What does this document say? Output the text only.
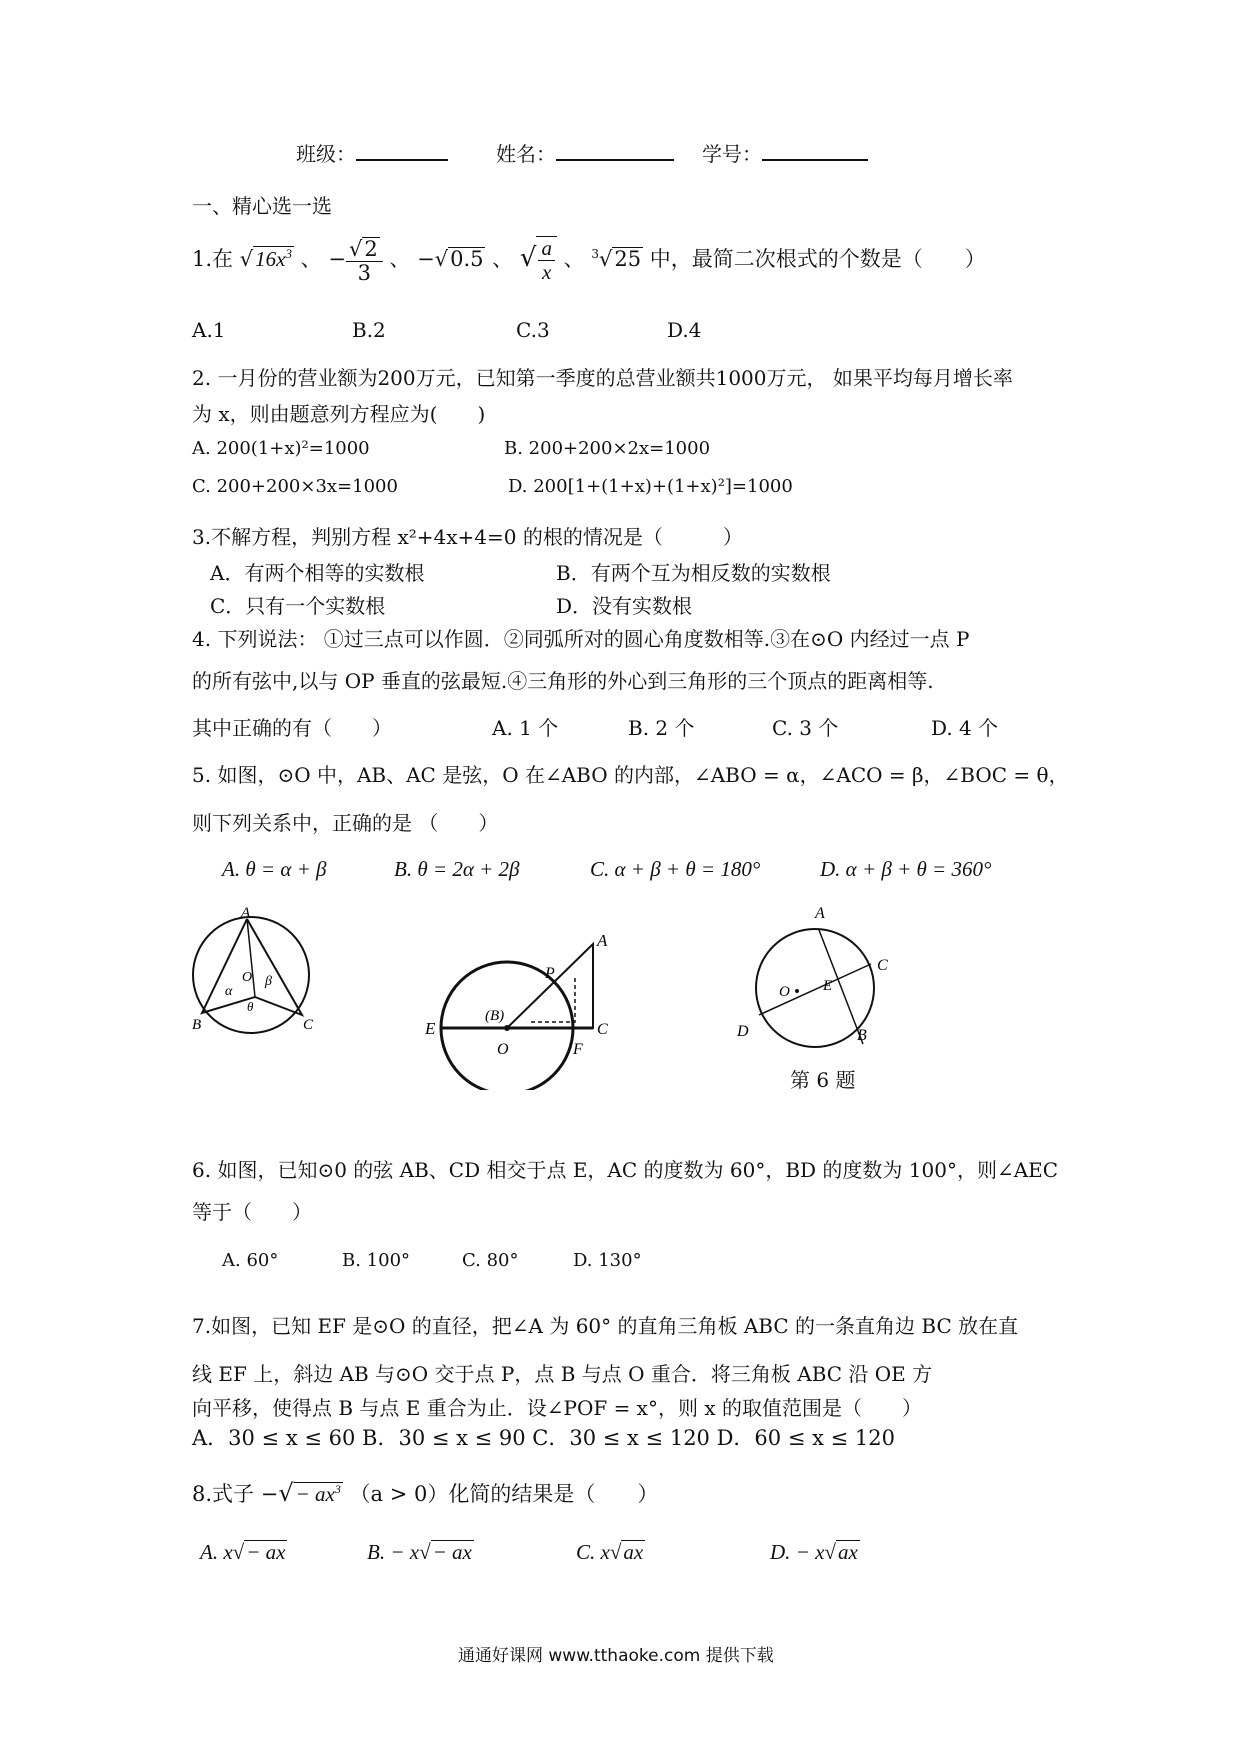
班级：	姓名：	学号：
一、精心选一选
1.在 $√16x^3$ 、 − $\frac{√2}{3}$ 、 −√0.5 、 √ $\frac{a}{x}$ 、 $^3$√25 中，最简二次根式的个数是（　　）
A.1	B.2	C.3	D.4
2. 一月份的营业额为200万元，已知第一季度的总营业额共1000万元， 如果平均每月增长率
为 x，则由题意列方程应为(　　)
A. 200(1+x)²=1000	B. 200+200×2x=1000
C. 200+200×3x=1000	D. 200[1+(1+x)+(1+x)²]=1000
3.不解方程，判别方程 x²+4x+4=0 的根的情况是（　　　）
A．有两个相等的实数根	B．有两个互为相反数的实数根
C．只有一个实数根	D．没有实数根
4. 下列说法： ①过三点可以作圆．②同弧所对的圆心角度数相等.③在⊙O 内经过一点 P
的所有弦中,以与 OP 垂直的弦最短.④三角形的外心到三角形的三个顶点的距离相等.
其中正确的有（　　）	A. 1 个	B. 2 个	C. 3 个	D. 4 个
5. 如图，⊙O 中，AB、AC 是弦，O 在∠ABO 的内部，∠ABO = α，∠ACO = β，∠BOC = θ，
则下列关系中，正确的是 （　　）
A. θ = α + β	B. θ = 2α + 2β	C. α + β + θ = 180°	D. α + β + θ = 360°
A
O
α
β
θ
B	C
A
P
(B)
E
O
C
F
A
C
O E
D	B
第 6 题
6. 如图，已知⊙0 的弦 AB、CD 相交于点 E，AC 的度数为 60°，BD 的度数为 100°，则∠AEC
等于（　　）
A. 60°	B. 100°	C. 80°	D. 130°
7.如图，已知 EF 是⊙O 的直径，把∠A 为 60° 的直角三角板 ABC 的一条直角边 BC 放在直
线 EF 上，斜边 AB 与⊙O 交于点 P，点 B 与点 O 重合．将三角板 ABC 沿 OE 方
向平移，使得点 B 与点 E 重合为止．设∠POF = x°，则 x 的取值范围是（　　）
A．30 ≤ x ≤ 60 B．30 ≤ x ≤ 90 C．30 ≤ x ≤ 120 D．60 ≤ x ≤ 120
8.式子 −√− $ax^3$ （a > 0）化简的结果是（　　）
A. x√− ax	B. − x√− ax	C. x√ax	D. − x√ax
通通好课网 www.tthaoke.com 提供下载
